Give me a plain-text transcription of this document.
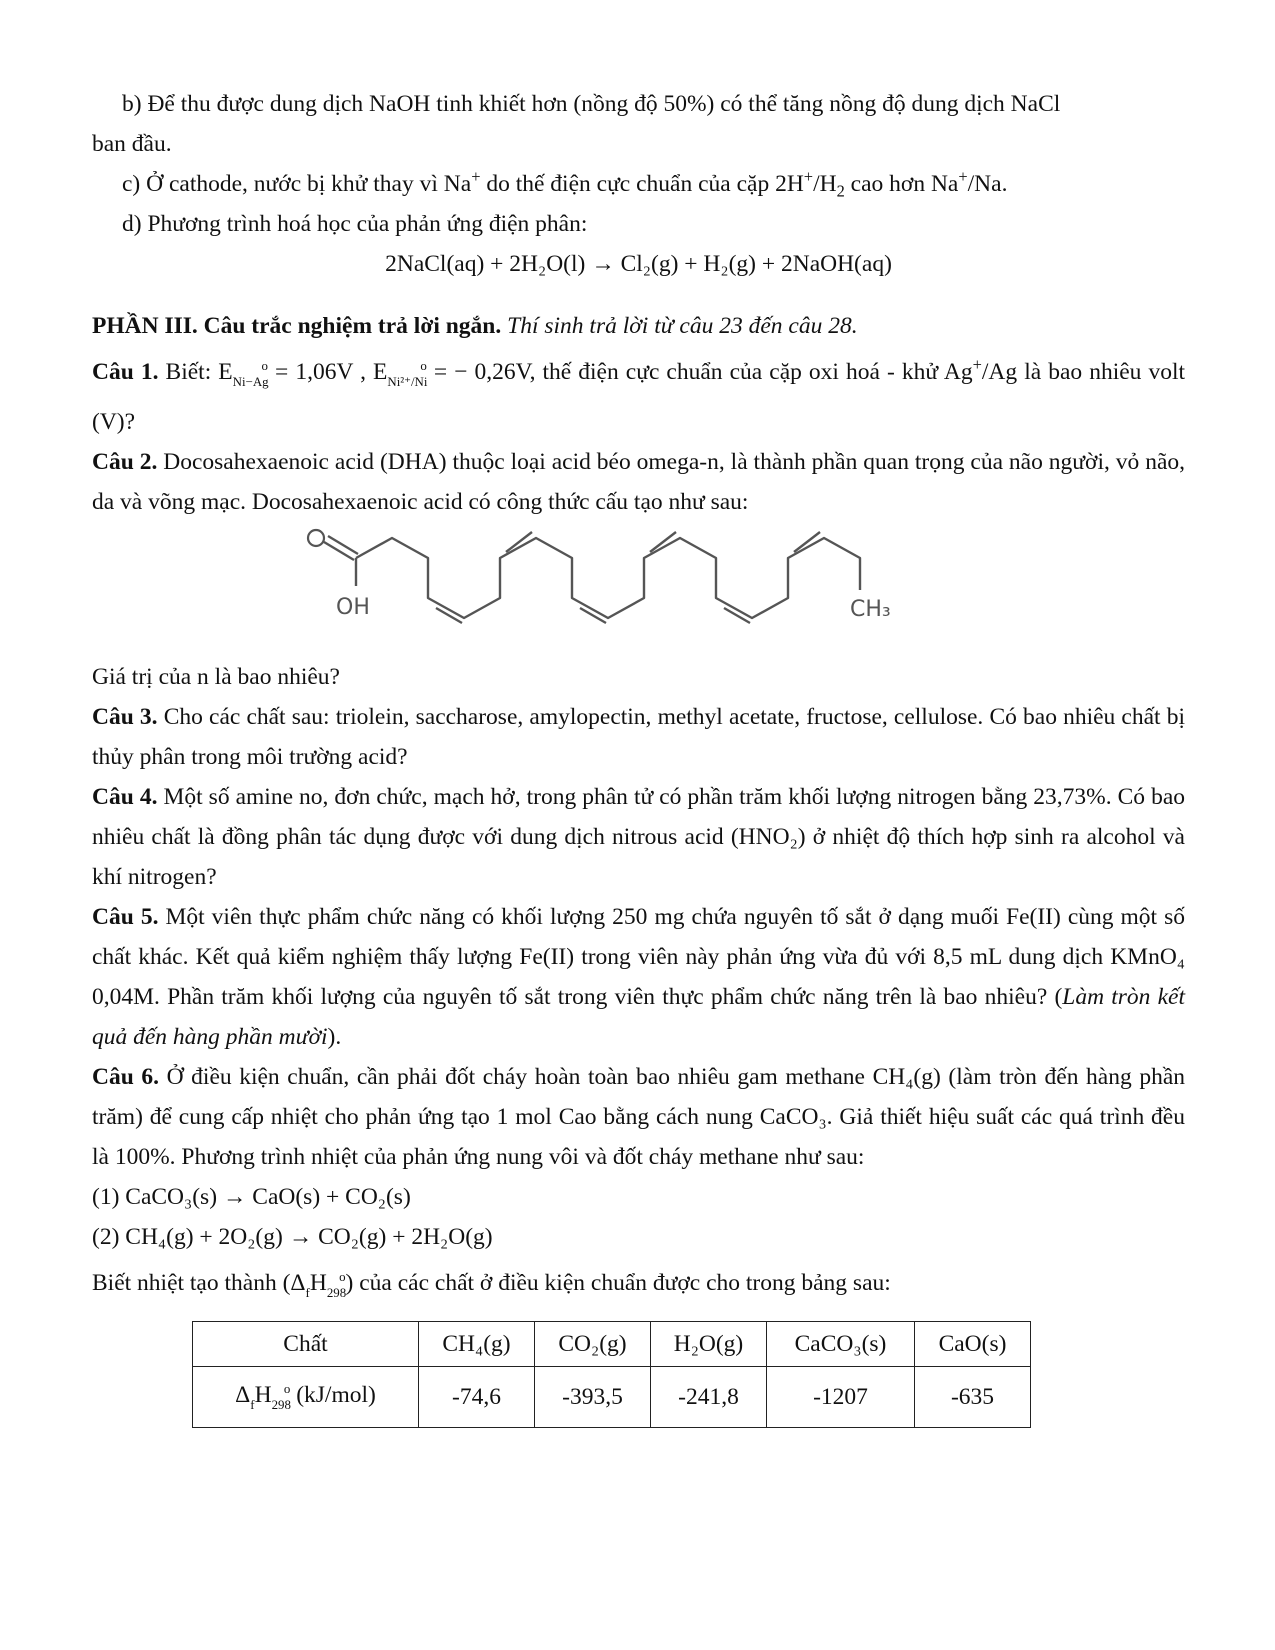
b) Để thu được dung dịch NaOH tinh khiết hơn (nồng độ 50%) có thể tăng nồng độ dung dịch NaCl
ban đầu.

c) Ở cathode, nước bị khử thay vì Na+ do thế điện cực chuẩn của cặp $2H^+/H_2$ cao hơn Na+/Na.

d) Phương trình hoá học của phản ứng điện phân:

2NaCl(aq) + 2H₂O(l) → Cl₂(g) + H₂(g) + 2NaOH(aq)

PHẦN III. Câu trắc nghiệm trả lời ngắn. Thí sinh trả lời từ câu 23 đến câu 28.

Câu 1. Biết: $E_{Ni-Ag}^o = 1,06V$ , $E_{Ni^{2+}/Ni}^o$ = − 0,26V, thế điện cực chuẩn của cặp oxi hoá - khử Ag+/Ag là bao nhiêu volt (V)?

Câu 2. Docosahexaenoic acid (DHA) thuộc loại acid béo omega-n, là thành phần quan trọng của não người, vỏ não, da và võng mạc. Docosahexaenoic acid có công thức cấu tạo như sau:

OH	CH₃

Giá trị của n là bao nhiêu?

Câu 3. Cho các chất sau: triolein, saccharose, amylopectin, methyl acetate, fructose, cellulose. Có bao nhiêu chất bị thủy phân trong môi trường acid?

Câu 4. Một số amine no, đơn chức, mạch hở, trong phân tử có phần trăm khối lượng nitrogen bằng 23,73%. Có bao nhiêu chất là đồng phân tác dụng được với dung dịch nitrous acid (HNO₂) ở nhiệt độ thích hợp sinh ra alcohol và khí nitrogen?

Câu 5. Một viên thực phẩm chức năng có khối lượng 250 mg chứa nguyên tố sắt ở dạng muối Fe(II) cùng một số chất khác. Kết quả kiểm nghiệm thấy lượng Fe(II) trong viên này phản ứng vừa đủ với 8,5 mL dung dịch KMnO₄ 0,04M. Phần trăm khối lượng của nguyên tố sắt trong viên thực phẩm chức năng trên là bao nhiêu? (Làm tròn kết quả đến hàng phần mười).

Câu 6. Ở điều kiện chuẩn, cần phải đốt cháy hoàn toàn bao nhiêu gam methane CH₄(g) (làm tròn đến hàng phần trăm) để cung cấp nhiệt cho phản ứng tạo 1 mol Cao bằng cách nung CaCO₃. Giả thiết hiệu suất các quá trình đều là 100%. Phương trình nhiệt của phản ứng nung vôi và đốt cháy methane như sau:

(1) CaCO₃(s) → CaO(s) + CO₂(s)

(2) CH₄(g) + 2O₂(g) → CO₂(g) + 2H₂O(g)

Biết nhiệt tạo thành $(\Delta_fH_{298}^o)$ của các chất ở điều kiện chuẩn được cho trong bảng sau:

Chất	CH₄(g)	CO₂(g)	H₂O(g)	CaCO₃(s)	CaO(s)
$\Delta_fH_{298}^o$ (kJ/mol)	-74,6	-393,5	-241,8	-1207	-635
